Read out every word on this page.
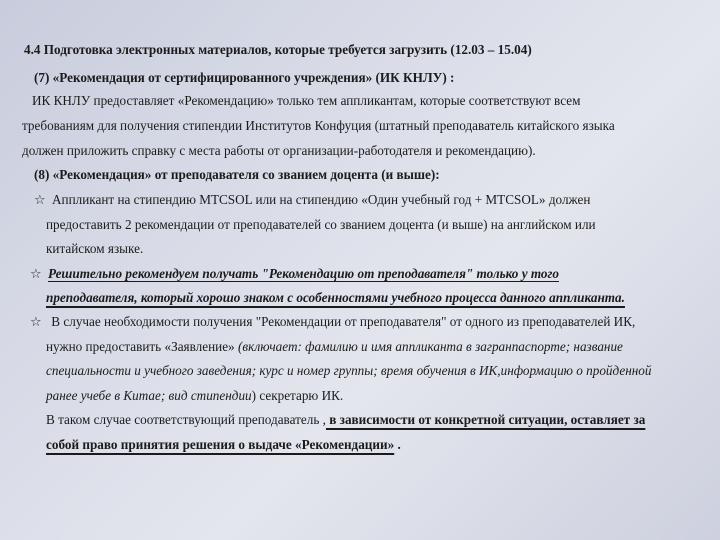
4.4 Подготовка электронных материалов, которые требуется загрузить (12.03 – 15.04)
(7) «Рекомендация от сертифицированного учреждения» (ИК КНЛУ) :
ИК КНЛУ предоставляет «Рекомендацию» только тем аппликантам, которые соответствуют всем
требованиям для получения стипендии Институтов Конфуция (штатный преподаватель китайского языка
должен приложить справку с места работы от организации-работодателя и рекомендацию).
(8) «Рекомендация» от преподавателя со званием доцента (и выше):
☆ Аппликант на стипендию MTCSOL или на стипендию «Один учебный год + MTCSOL» должен
предоставить 2 рекомендации от преподавателей со званием доцента (и выше) на английском или
китайском языке.
☆ Решительно рекомендуем получать "Рекомендацию от преподавателя" только у того
преподавателя, который хорошо знаком с особенностями учебного процесса данного аппликанта.
☆ В случае необходимости получения "Рекомендации от преподавателя" от одного из преподавателей ИК,
нужно предоставить «Заявление» (включает: фамилию и имя аппликанта в загранпаспорте; название
специальности и учебного заведения; курс и номер группы; время обучения в ИК,информацию о пройденной
ранее учебе в Китае; вид стипендии) секретарю ИК.
В таком случае соответствующий преподаватель , в зависимости от конкретной ситуации, оставляет за
собой право принятия решения о выдаче «Рекомендации» .
